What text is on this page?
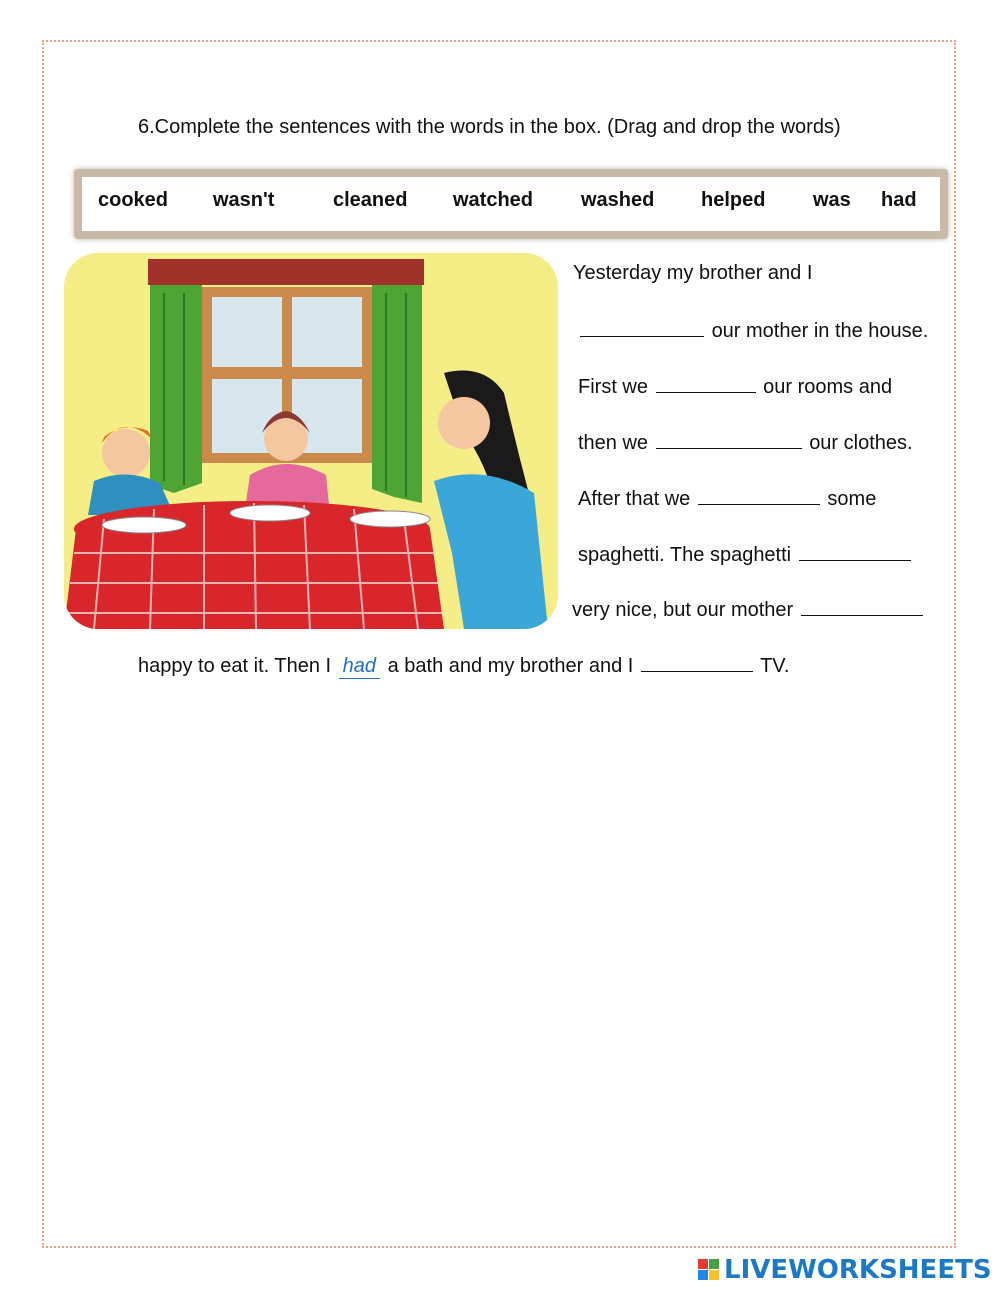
6.Complete the sentences with the words in the box. (Drag and drop the words)
cooked wasn't	cleaned watched washed helped was had
Yesterday my brother and I
our mother in the house.
First we	our rooms and
then we	our clothes.
After that we	some
spaghetti. The spaghetti
very nice, but our mother
happy to eat it. Then I had a bath and my brother and I	TV.
LIVEWORKSHEETS
